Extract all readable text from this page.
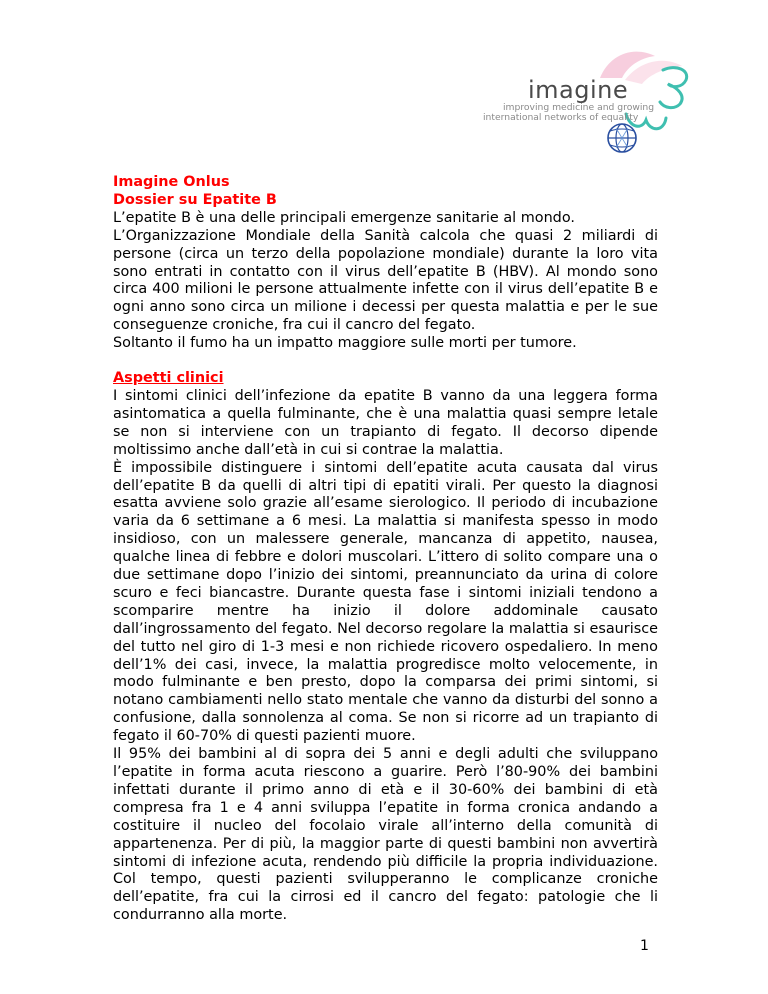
imagine
improving medicine and growing
international networks of equality
Imagine Onlus
Dossier su Epatite B

L’epatite B è una delle principali emergenze sanitarie al mondo.

L’Organizzazione Mondiale della Sanità calcola che quasi 2 miliardi di persone (circa un terzo della popolazione mondiale) durante la loro vita sono entrati in contatto con il virus dell’epatite B (HBV). Al mondo sono circa 400 milioni le persone attualmente infette con il virus dell’epatite B e ogni anno sono circa un milione i decessi per questa malattia e per le sue conseguenze croniche, fra cui il cancro del fegato.

Soltanto il fumo ha un impatto maggiore sulle morti per tumore.

Aspetti clinici

I sintomi clinici dell’infezione da epatite B vanno da una leggera forma asintomatica a quella fulminante, che è una malattia quasi sempre letale se non si interviene con un trapianto di fegato. Il decorso dipende moltissimo anche dall’età in cui si contrae la malattia.

È impossibile distinguere i sintomi dell’epatite acuta causata dal virus dell’epatite B da quelli di altri tipi di epatiti virali. Per questo la diagnosi esatta avviene solo grazie all’esame sierologico. Il periodo di incubazione varia da 6 settimane a 6 mesi. La malattia si manifesta spesso in modo insidioso, con un malessere generale, mancanza di appetito, nausea, qualche linea di febbre e dolori muscolari. L’ittero di solito compare una o due settimane dopo l’inizio dei sintomi, preannunciato da urina di colore scuro e feci biancastre. Durante questa fase i sintomi iniziali tendono a scomparire mentre ha inizio il dolore addominale causato dall’ingrossamento del fegato. Nel decorso regolare la malattia si esaurisce del tutto nel giro di 1-3 mesi e non richiede ricovero ospedaliero. In meno dell’1% dei casi, invece, la malattia progredisce molto velocemente, in modo fulminante e ben presto, dopo la comparsa dei primi sintomi, si notano cambiamenti nello stato mentale che vanno da disturbi del sonno a confusione, dalla sonnolenza al coma. Se non si ricorre ad un trapianto di fegato il 60-70% di questi pazienti muore.

Il 95% dei bambini al di sopra dei 5 anni e degli adulti che sviluppano l’epatite in forma acuta riescono a guarire. Però l’80-90% dei bambini infettati durante il primo anno di età e il 30-60% dei bambini di età compresa fra 1 e 4 anni sviluppa l’epatite in forma cronica andando a costituire il nucleo del focolaio virale all’interno della comunità di appartenenza. Per di più, la maggior parte di questi bambini non avvertirà sintomi di infezione acuta, rendendo più difficile la propria individuazione. Col tempo, questi pazienti svilupperanno le complicanze croniche dell’epatite, fra cui la cirrosi ed il cancro del fegato: patologie che li condurranno alla morte.

1
